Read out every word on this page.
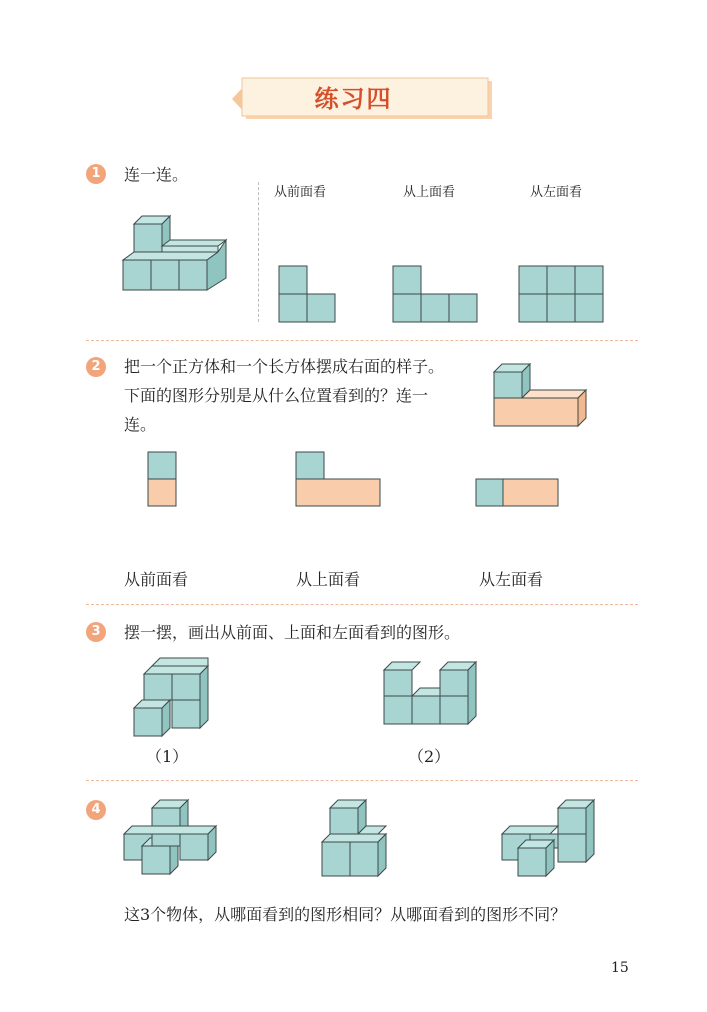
练习四
1	连一连。
从前面看	从上面看	从左面看
2	把一个正方体和一个长方体摆成右面的样子。下面的图形分别是从什么位置看到的？连一连。
从前面看	从上面看	从左面看
3	摆一摆，画出从前面、上面和左面看到的图形。
（1）	（2）
4
这3个物体，从哪面看到的图形相同？从哪面看到的图形不同？
15
